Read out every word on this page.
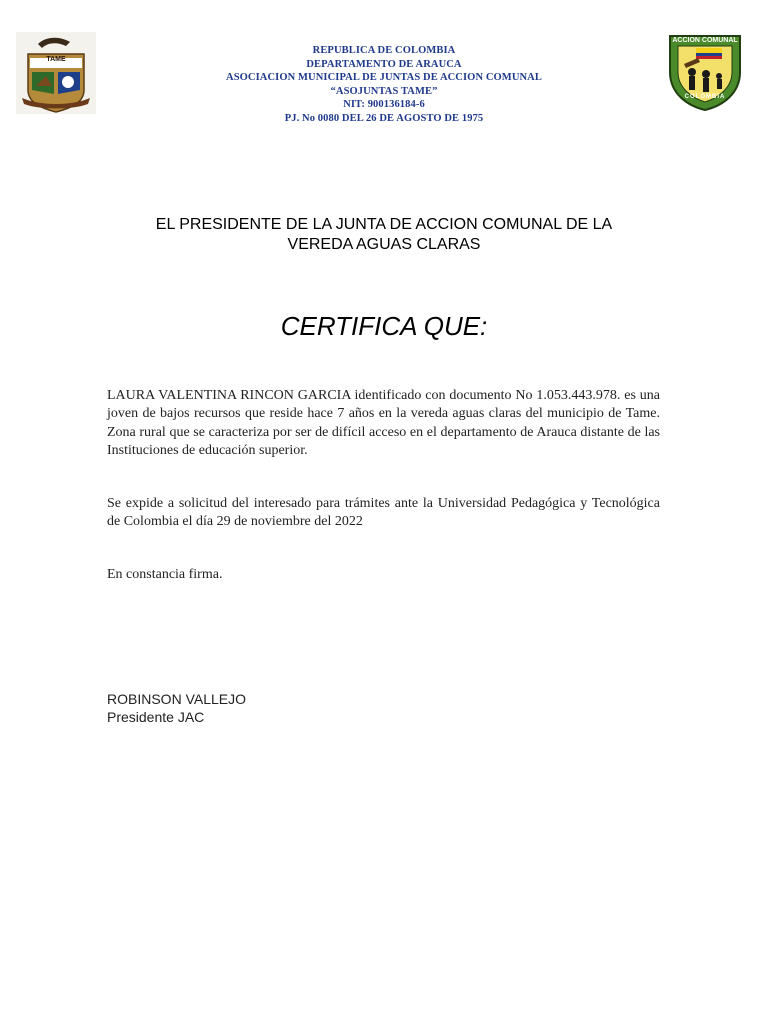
TAME
REPUBLICA DE COLOMBIA
DEPARTAMENTO DE ARAUCA
ASOCIACION MUNICIPAL DE JUNTAS DE ACCION COMUNAL
“ASOJUNTAS TAME”
NIT: 900136184-6
PJ. No 0080 DEL 26 DE AGOSTO DE 1975
ACCION COMUNAL
COLOMBIA
EL PRESIDENTE DE LA JUNTA DE ACCION COMUNAL DE LA
VEREDA AGUAS CLARAS
CERTIFICA QUE:
LAURA VALENTINA RINCON GARCIA identificado con documento No 1.053.443.978. es una joven de bajos recursos que reside hace 7 años en la vereda aguas claras del municipio de Tame. Zona rural que se caracteriza por ser de difícil acceso en el departamento de Arauca distante de las Instituciones de educación superior.
Se expide a solicitud del interesado para trámites ante la Universidad Pedagógica y Tecnológica de Colombia el día 29 de noviembre del 2022
En constancia firma.
ROBINSON VALLEJO
Presidente JAC
